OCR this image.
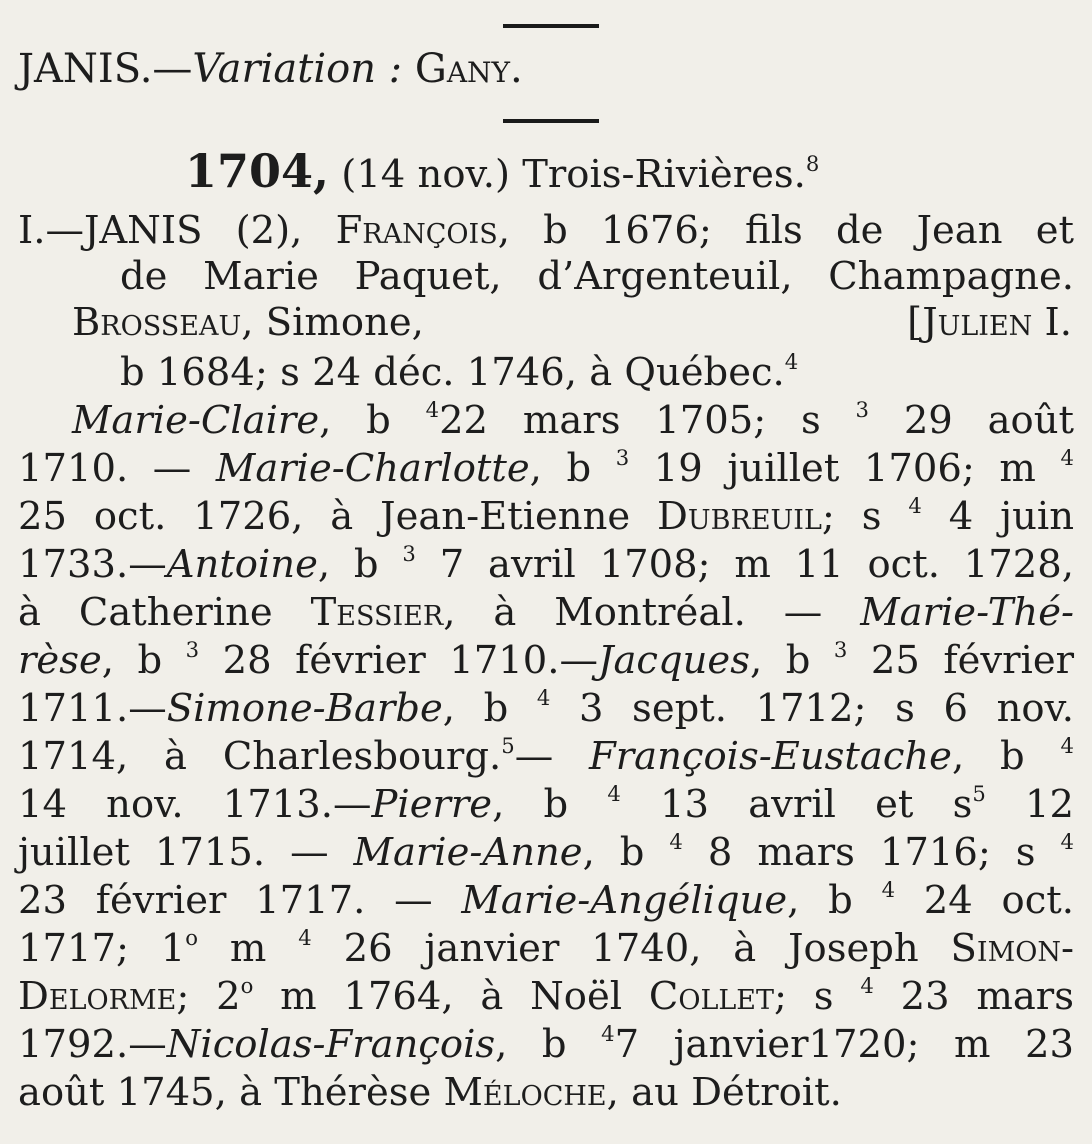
JANIS.—Variation : Gany.
1704, (14 nov.) Trois-Rivières.$^8$
I.—JANIS (2), François, b 1676; fils de Jean et
de Marie Paquet, d’Argenteuil, Champagne.
Brosseau, Simone,	[Julien I.
b 1684; s 24 déc. 1746, à Québec.$^4$
Marie-Claire, b $^4$22 mars 1705; s $^3$ 29 août
1710. — Marie-Charlotte, b $^3$ 19 juillet 1706; m $^4$
25 oct. 1726, à Jean-Etienne Dubreuil; s $^4$ 4 juin
1733.—Antoine, b $^3$ 7 avril 1708; m 11 oct. 1728,
à Catherine Tessier, à Montréal. — Marie-Thé-
rèse, b $^3$ 28 février 1710.—Jacques, b $^3$ 25 février
1711.—Simone-Barbe, b $^4$ 3 sept. 1712; s 6 nov.
1714, à Charlesbourg.$^5$— François-Eustache, b $^4$
14 nov. 1713.—Pierre, b $^4$ 13 avril et $s^5$ 12
juillet 1715. — Marie-Anne, b $^4$ 8 mars 1716; s $^4$
23 février 1717. — Marie-Angélique, b $^4$ 24 oct.
1717; 1$^o$ m $^4$ 26 janvier 1740, à Joseph Simon-
Delorme; 2$^o$ m 1764, à Noël Collet; s $^4$ 23 mars
1792.—Nicolas-François, b $^4$7 janvier1720; m 23
août 1745, à Thérèse Méloche, au Détroit.
